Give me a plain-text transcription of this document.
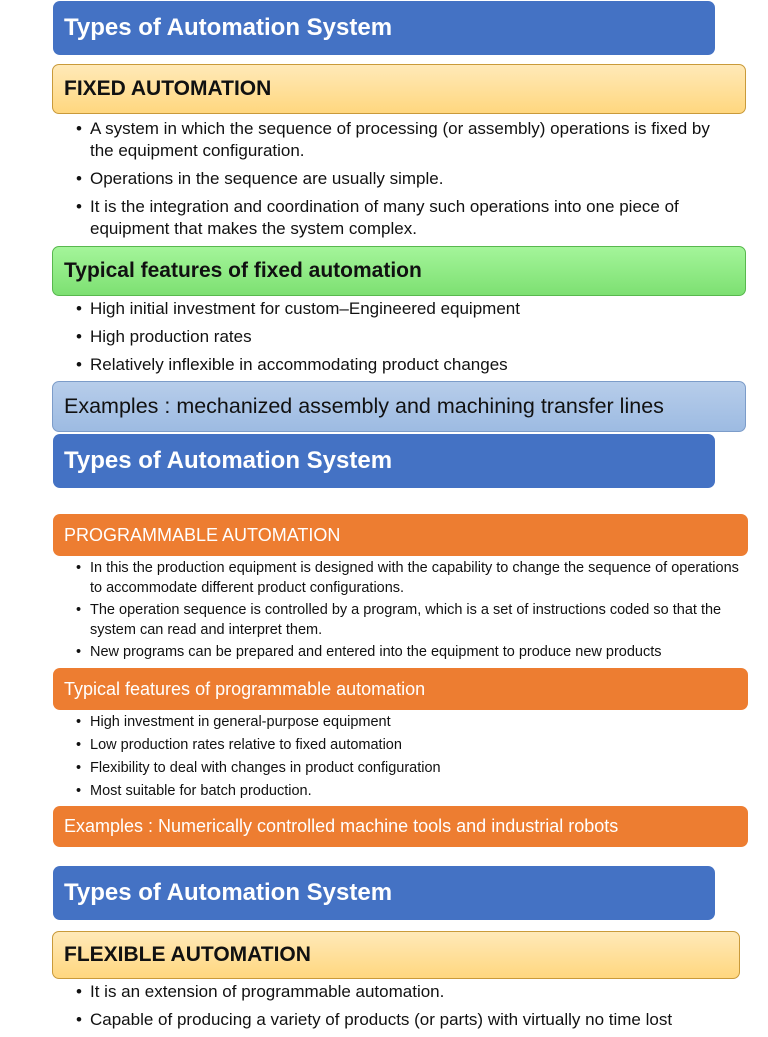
Types of Automation System
FIXED AUTOMATION
• A system in which the sequence of processing (or assembly) operations is fixed by the equipment configuration.
• Operations in the sequence are usually simple.
• It is the integration and coordination of many such operations into one piece of equipment that makes the system complex.
Typical features of fixed automation
• High initial investment for custom–Engineered equipment
• High production rates
• Relatively inflexible in accommodating product changes
Examples : mechanized assembly and machining transfer lines
Types of Automation System
PROGRAMMABLE AUTOMATION
• In this the production equipment is designed with the capability to change the sequence of operations to accommodate different product configurations.
• The operation sequence is controlled by a program, which is a set of instructions coded so that the system can read and interpret them.
• New programs can be prepared and entered into the equipment to produce new products
Typical features of programmable automation
• High investment in general-purpose equipment
• Low production rates relative to fixed automation
• Flexibility to deal with changes in product configuration
• Most suitable for batch production.
Examples : Numerically controlled machine tools and industrial robots
Types of Automation System
FLEXIBLE AUTOMATION
• It is an extension of programmable automation.
• Capable of producing a variety of products (or parts) with virtually no time lost
